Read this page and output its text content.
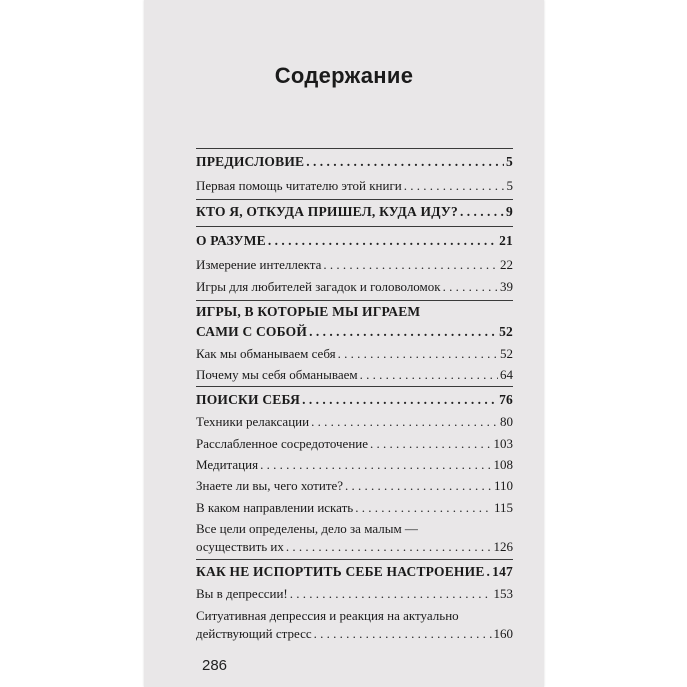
Содержание
ПРЕДИСЛОВИЕ . . .	5
Первая помощь читателю этой книги . . .	5
КТО Я, ОТКУДА ПРИШЕЛ, КУДА ИДУ? . . .	9
О РАЗУМЕ . . .	21
Измерение интеллекта . . .	22
Игры для любителей загадок и головоломок . . .	39
ИГРЫ, В КОТОРЫЕ МЫ ИГРАЕМ
САМИ С СОБОЙ . . .	52
Как мы обманываем себя . . .	52
Почему мы себя обманываем . . .	64
ПОИСКИ СЕБЯ . . .	76
Техники релаксации . . .	80
Расслабленное сосредоточение . . .	103
Медитация . . .	108
Знаете ли вы, чего хотите? . . .	110
В каком направлении искать . . .	115
Все цели определены, дело за малым —
осуществить их . . .	126
КАК НЕ ИСПОРТИТЬ СЕБЕ НАСТРОЕНИЕ . . . 147
Вы в депрессии! . . .	153
Ситуативная депрессия и реакция на актуально
действующий стресс . . .	160
286
